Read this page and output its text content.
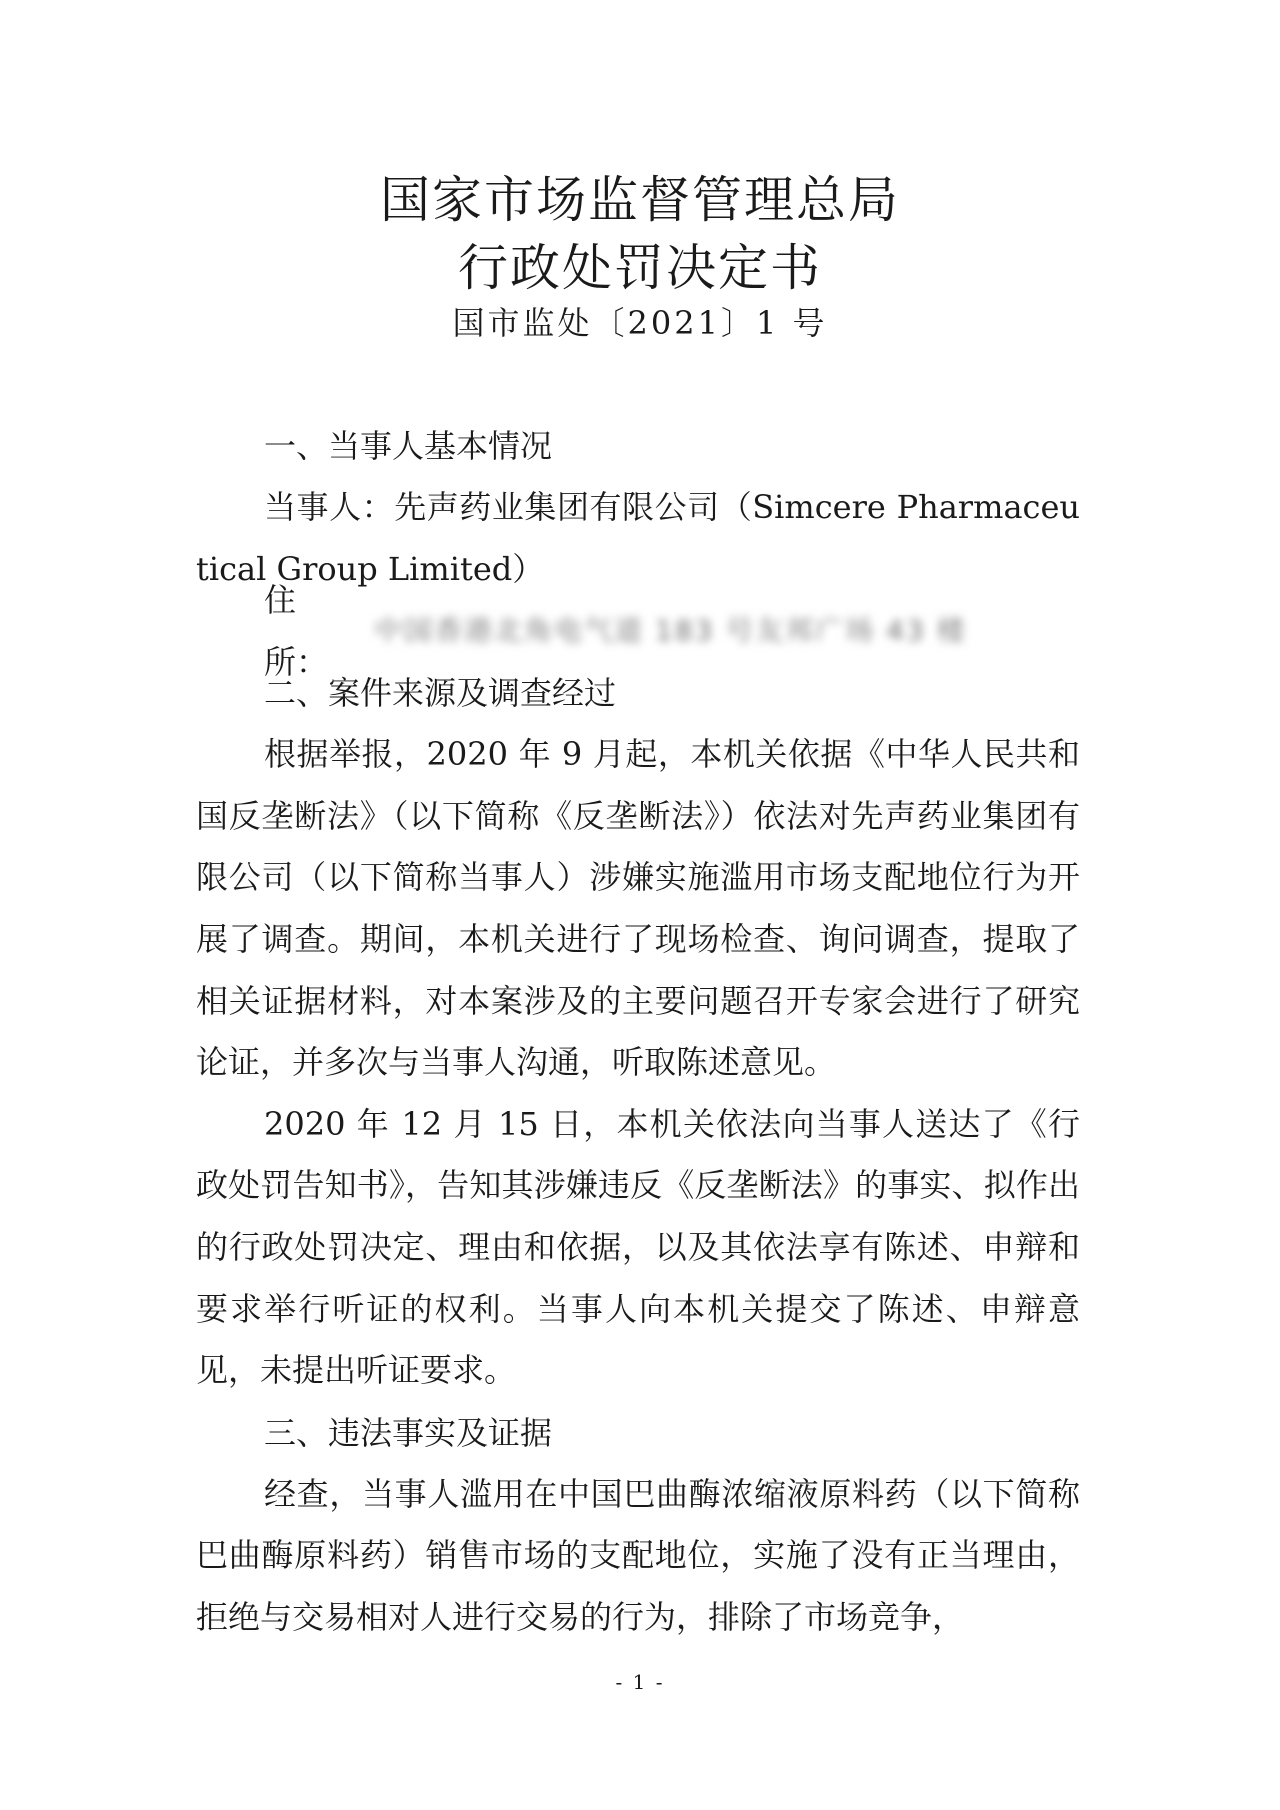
国家市场监督管理总局
行政处罚决定书
国市监处〔2021〕1 号

一、当事人基本情况

当事人：先声药业集团有限公司（Simcere Pharmaceutical Group Limited）

住所：
中国香港北角电气道 183 号友邦广场 43 楼

二、案件来源及调查经过

根据举报，2020 年 9 月起，本机关依据《中华人民共和国反垄断法》（以下简称《反垄断法》）依法对先声药业集团有限公司（以下简称当事人）涉嫌实施滥用市场支配地位行为开展了调查。期间，本机关进行了现场检查、询问调查，提取了相关证据材料，对本案涉及的主要问题召开专家会进行了研究论证，并多次与当事人沟通，听取陈述意见。

2020 年 12 月 15 日，本机关依法向当事人送达了《行政处罚告知书》，告知其涉嫌违反《反垄断法》的事实、拟作出的行政处罚决定、理由和依据，以及其依法享有陈述、申辩和要求举行听证的权利。当事人向本机关提交了陈述、申辩意见，未提出听证要求。

三、违法事实及证据

经查，当事人滥用在中国巴曲酶浓缩液原料药（以下简称巴曲酶原料药）销售市场的支配地位，实施了没有正当理由，拒绝与交易相对人进行交易的行为，排除了市场竞争，

- 1 -
